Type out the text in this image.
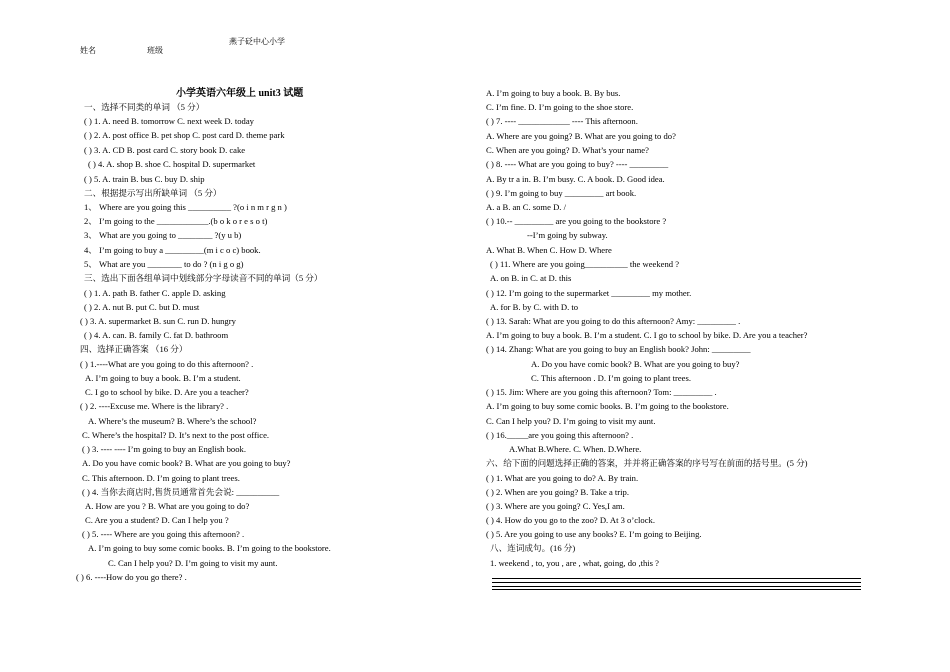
燕子砭中心小学
姓名	班级
小学英语六年级上 unit3 试题
一、选择不同类的单词 （5 分）
( ) 1. A. need B. tomorrow C. next week D. today
( ) 2. A. post office B. pet shop C. post card D. theme park
( ) 3. A. CD B. post card C. story book D. cake
( ) 4. A. shop B. shoe C. hospital D. supermarket
( ) 5. A. train B. bus C. buy D. ship
二、根据提示写出所缺单词 （5 分）
1、 Where are you going this __________ ?(o i n m r g n )
2、 I’m going to the ____________.(b o k o r e s o t)
3、 What are you going to ________ ?(y u b)
4、 I’m going to buy a _________(m i c o c) book.
5、 What are you ________ to do ? (n i g o g)
三、选出下面各组单词中划线部分字母读音不同的单词（5 分）
( ) 1. A. path B. father C. apple D. asking
( ) 2. A. nut B. put C. but D. must
( ) 3. A. supermarket B. sun C. run D. hungry
( ) 4. A. can. B. family C. fat D. bathroom
四、选择正确答案 （16 分）
( ) 1.----What are you going to do this afternoon? .
A. I’m going to buy a book. B. I’m a student.
C. I go to school by bike. D. Are you a teacher?
( ) 2. ----Excuse me. Where is the library? .
A. Where’s the museum? B. Where’s the school?
C. Where’s the hospital? D. It’s next to the post office.
( ) 3. ---- ---- I’m going to buy an English book.
A. Do you have comic book? B. What are you going to buy?
C. This afternoon. D. I’m going to plant trees.
( ) 4. 当你去商店时,售货员通常首先会说: __________
A. How are you ? B. What are you going to do?
C. Are you a student? D. Can I help you ?
( ) 5. ---- Where are you going this afternoon? .
A. I’m going to buy some comic books. B. I’m going to the bookstore.
C. Can I help you? D. I’m going to visit my aunt.
( ) 6. ----How do you go there? .
A. I’m going to buy a book. B. By bus.
C. I’m fine. D. I’m going to the shoe store.
( ) 7. ---- ____________ ---- This afternoon.
A. Where are you going? B. What are you going to do?
C. When are you going? D. What’s your name?
( ) 8. ---- What are you going to buy? ---- _________
A. By tr a in. B. I’m busy. C. A book. D. Good idea.
( ) 9. I’m going to buy _________ art book.
A. a B. an C. some D. /
( ) 10.-- _________ are you going to the bookstore ?
--I’m going by subway.
A. What B. When C. How D. Where
( ) 11. Where are you going__________ the weekend ?
A. on B. in C. at D. this
( ) 12. I’m going to the supermarket _________ my mother.
A. for B. by C. with D. to
( ) 13. Sarah: What are you going to do this afternoon? Amy: _________ .
A. I’m going to buy a book. B. I’m a student. C. I go to school by bike. D. Are you a teacher?
( ) 14. Zhang: What are you going to buy an English book? John: _________
A. Do you have comic book? B. What are you going to buy?
C. This afternoon . D. I’m going to plant trees.
( ) 15. Jim: Where are you going this afternoon? Tom: _________ .
A. I’m going to buy some comic books. B. I’m going to the bookstore.
C. Can I help you? D. I’m going to visit my aunt.
( ) 16._____are you going this afternoon? .
A.What B.Where. C. When. D.Where.
六、给下面的问题选择正确的答案，并并将正确答案的序号写在前面的括号里。(5 分)
( ) 1. What are you going to do? A. By train.
( ) 2. When are you going? B. Take a trip.
( ) 3. Where are you going? C. Yes,I am.
( ) 4. How do you go to the zoo? D. At 3 o’clock.
( ) 5. Are you going to use any books? E. I’m going to Beijing.
八、连词成句。(16 分)
1. weekend , to, you , are , what, going, do ,this ?
